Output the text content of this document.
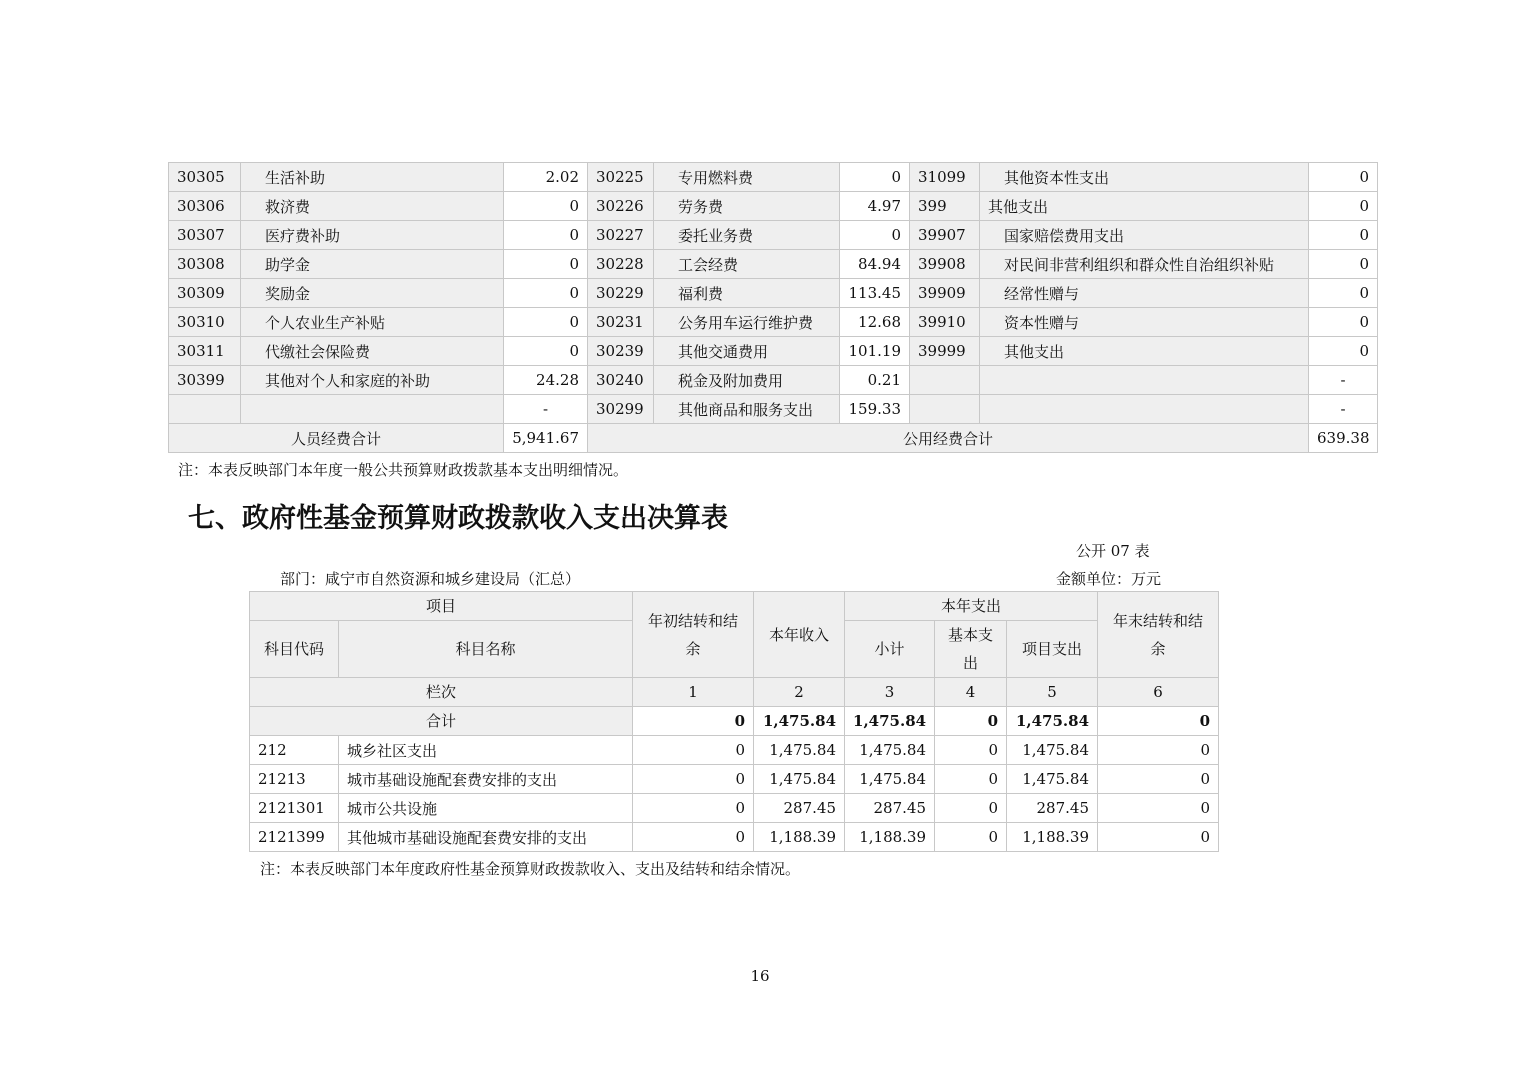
30305	生活补助	2.02	30225	专用燃料费	0	31099	其他资本性支出	0
30306	救济费	0	30226	劳务费	4.97	399	其他支出	0
30307	医疗费补助	0	30227	委托业务费	0	39907	国家赔偿费用支出	0
30308	助学金	0	30228	工会经费	84.94	39908	对民间非营利组织和群众性自治组织补贴	0
30309	奖励金	0	30229	福利费	113.45	39909	经常性赠与	0
30310	个人农业生产补贴	0	30231	公务用车运行维护费	12.68	39910	资本性赠与	0
30311	代缴社会保险费	0	30239	其他交通费用	101.19	39999	其他支出	0
30399	其他对个人和家庭的补助	24.28	30240	税金及附加费用	0.21			-
		-	30299	其他商品和服务支出	159.33			-
人员经费合计		5,941.67	公用经费合计					639.38
注：本表反映部门本年度一般公共预算财政拨款基本支出明细情况。
七、政府性基金预算财政拨款收入支出决算表
公开 07 表
部门：咸宁市自然资源和城乡建设局（汇总）	金额单位：万元
项目		年初结转和结余	本年收入	本年支出			年末结转和结余
科目代码	科目名称			小计	基本支出	项目支出	
栏次		1	2	3	4	5	6
合计		0	1,475.84	1,475.84	0	1,475.84	0
212	城乡社区支出	0	1,475.84	1,475.84	0	1,475.84	0
21213	城市基础设施配套费安排的支出	0	1,475.84	1,475.84	0	1,475.84	0
2121301	城市公共设施	0	287.45	287.45	0	287.45	0
2121399	其他城市基础设施配套费安排的支出	0	1,188.39	1,188.39	0	1,188.39	0
注：本表反映部门本年度政府性基金预算财政拨款收入、支出及结转和结余情况。
16
